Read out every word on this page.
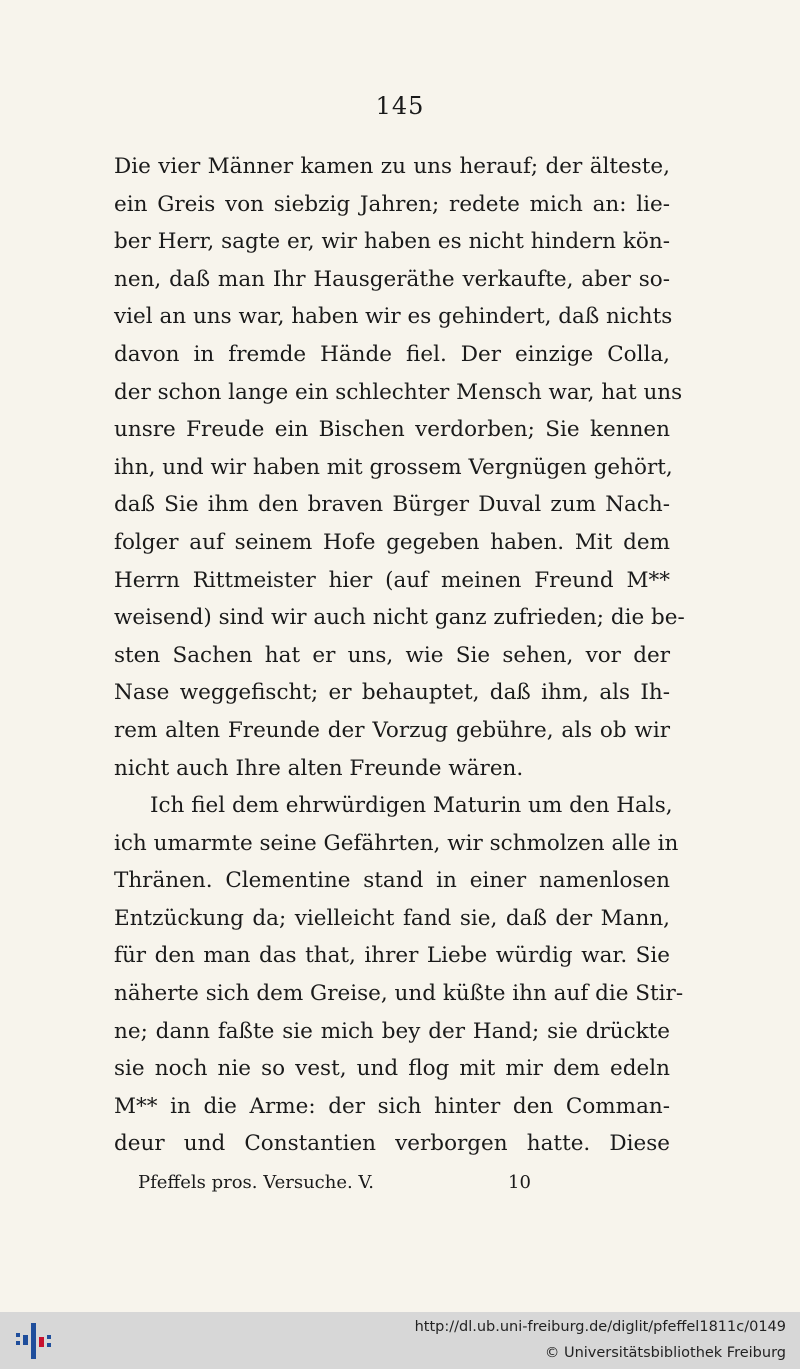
145
Die vier Männer kamen zu uns herauf; der älteste,
ein Greis von siebzig Jahren; redete mich an: lie-
ber Herr, sagte er, wir haben es nicht hindern kön-
nen, daß man Ihr Hausgeräthe verkaufte, aber so-
viel an uns war, haben wir es gehindert, daß nichts
davon in fremde Hände fiel. Der einzige Colla,
der schon lange ein schlechter Mensch war, hat uns
unsre Freude ein Bischen verdorben; Sie kennen
ihn, und wir haben mit grossem Vergnügen gehört,
daß Sie ihm den braven Bürger Duval zum Nach-
folger auf seinem Hofe gegeben haben. Mit dem
Herrn Rittmeister hier (auf meinen Freund M**
weisend) sind wir auch nicht ganz zufrieden; die be-
sten Sachen hat er uns, wie Sie sehen, vor der
Nase weggefischt; er behauptet, daß ihm, als Ih-
rem alten Freunde der Vorzug gebühre, als ob wir
nicht auch Ihre alten Freunde wären.
Ich fiel dem ehrwürdigen Maturin um den Hals,
ich umarmte seine Gefährten, wir schmolzen alle in
Thränen. Clementine stand in einer namenlosen
Entzückung da; vielleicht fand sie, daß der Mann,
für den man das that, ihrer Liebe würdig war. Sie
näherte sich dem Greise, und küßte ihn auf die Stir-
ne; dann faßte sie mich bey der Hand; sie drückte
sie noch nie so vest, und flog mit mir dem edeln
M** in die Arme: der sich hinter den Comman-
deur und Constantien verborgen hatte. Diese
Pfeffels pros. Versuche. V.	10
http://dl.ub.uni-freiburg.de/diglit/pfeffel1811c/0149
© Universitätsbibliothek Freiburg
